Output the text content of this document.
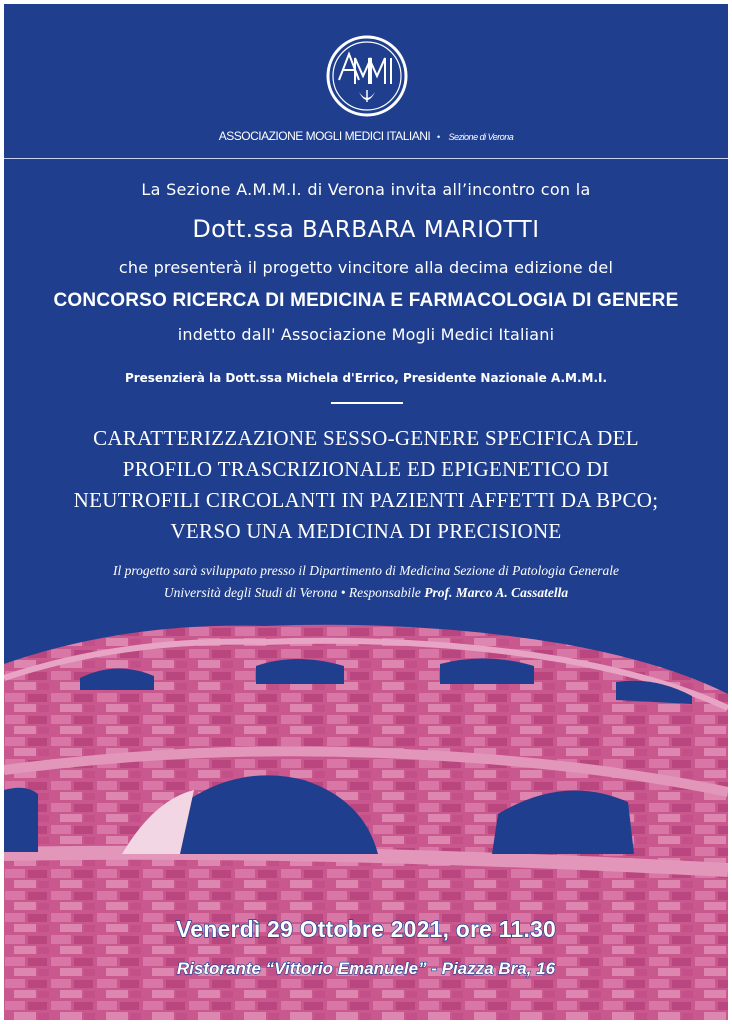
ASSOCIAZIONE MOGLI MEDICI ITALIANI • Sezione di Verona
La Sezione A.M.M.I. di Verona invita all’incontro con la
Dott.ssa BARBARA MARIOTTI
che presenterà il progetto vincitore alla decima edizione del
CONCORSO RICERCA DI MEDICINA E FARMACOLOGIA DI GENERE
indetto dall' Associazione Mogli Medici Italiani
Presenzierà la Dott.ssa Michela d'Errico, Presidente Nazionale A.M.M.I.
CARATTERIZZAZIONE SESSO-GENERE SPECIFICA DEL
PROFILO TRASCRIZIONALE ED EPIGENETICO DI
NEUTROFILI CIRCOLANTI IN PAZIENTI AFFETTI DA BPCO;
VERSO UNA MEDICINA DI PRECISIONE
Il progetto sarà sviluppato presso il Dipartimento di Medicina Sezione di Patologia Generale
Università degli Studi di Verona • Responsabile Prof. Marco A. Cassatella
Venerdì 29 Ottobre 2021, ore 11.30
Ristorante “Vittorio Emanuele” - Piazza Bra, 16
